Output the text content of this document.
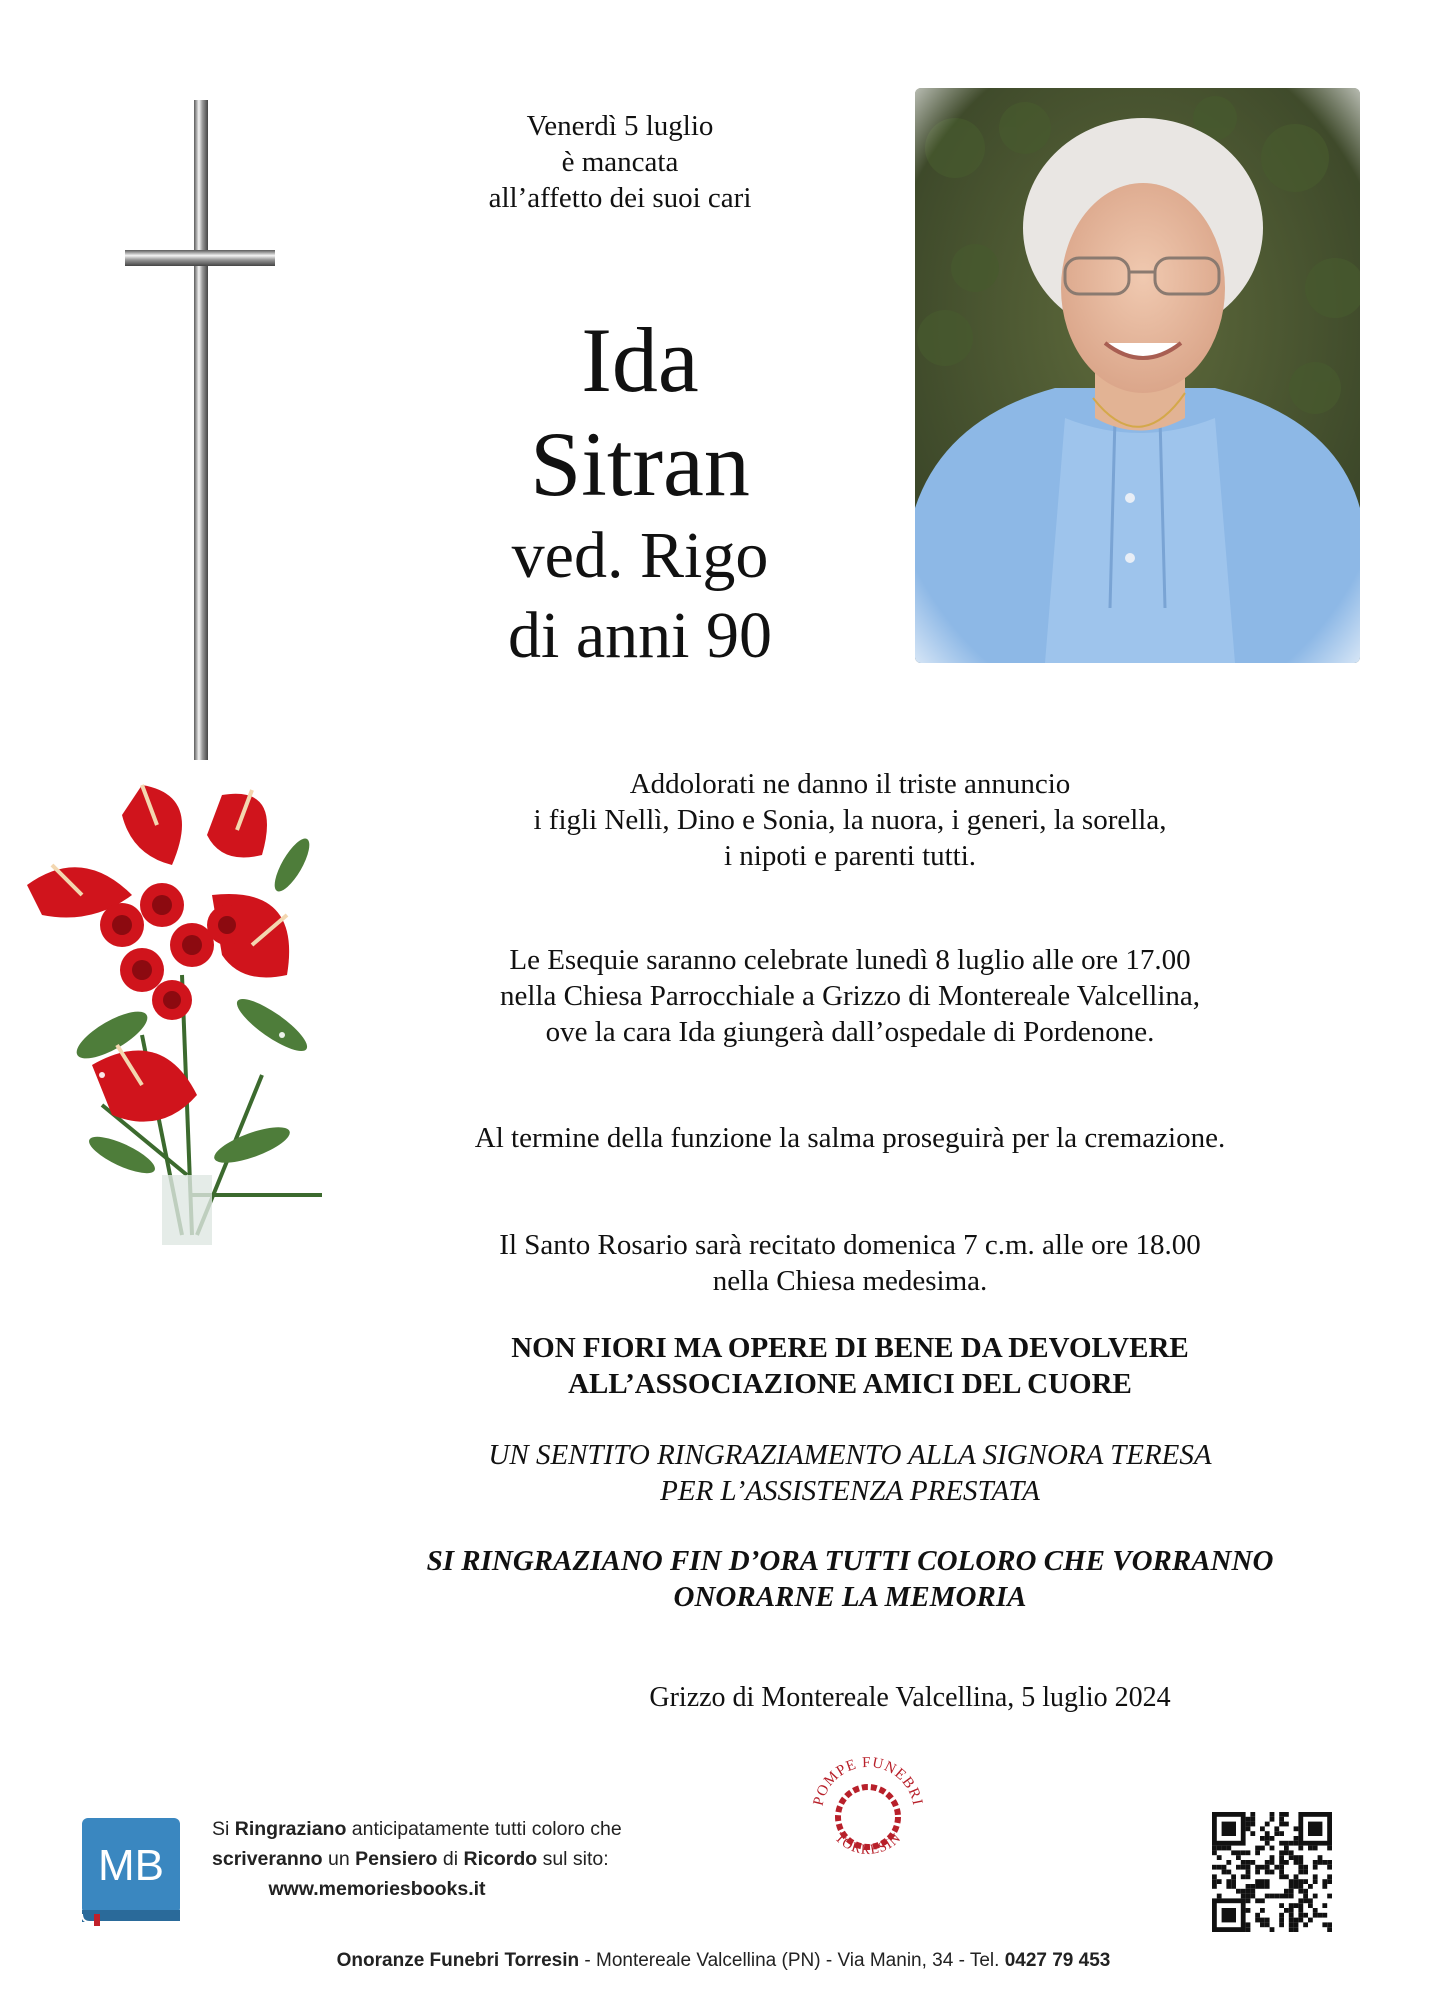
Venerdì 5 luglio
è mancata
all’affetto dei suoi cari
Ida
Sitran
ved. Rigo
di anni 90
Addolorati ne danno il triste annuncio
i figli Nellì, Dino e Sonia, la nuora, i generi, la sorella,
i nipoti e parenti tutti.
Le Esequie saranno celebrate lunedì 8 luglio alle ore 17.00
nella Chiesa Parrocchiale a Grizzo di Montereale Valcellina,
ove la cara Ida giungerà dall’ospedale di Pordenone.
Al termine della funzione la salma proseguirà per la cremazione.
Il Santo Rosario sarà recitato domenica 7 c.m. alle ore 18.00
nella Chiesa medesima.
NON FIORI MA OPERE DI BENE DA DEVOLVERE
ALL’ASSOCIAZIONE AMICI DEL CUORE
UN SENTITO RINGRAZIAMENTO ALLA SIGNORA TERESA
PER L’ASSISTENZA PRESTATA
SI RINGRAZIANO FIN D’ORA TUTTI COLORO CHE VORRANNO
ONORARNE LA MEMORIA
Grizzo di Montereale Valcellina, 5 luglio 2024
MB
Si Ringraziano anticipatamente tutti coloro che
scriveranno un Pensiero di Ricordo sul sito:
www.memoriesbooks.it
POMPE FUNEBRI
TORRESIN
Onoranze Funebri Torresin - Montereale Valcellina (PN) - Via Manin, 34 - Tel. 0427 79 453
